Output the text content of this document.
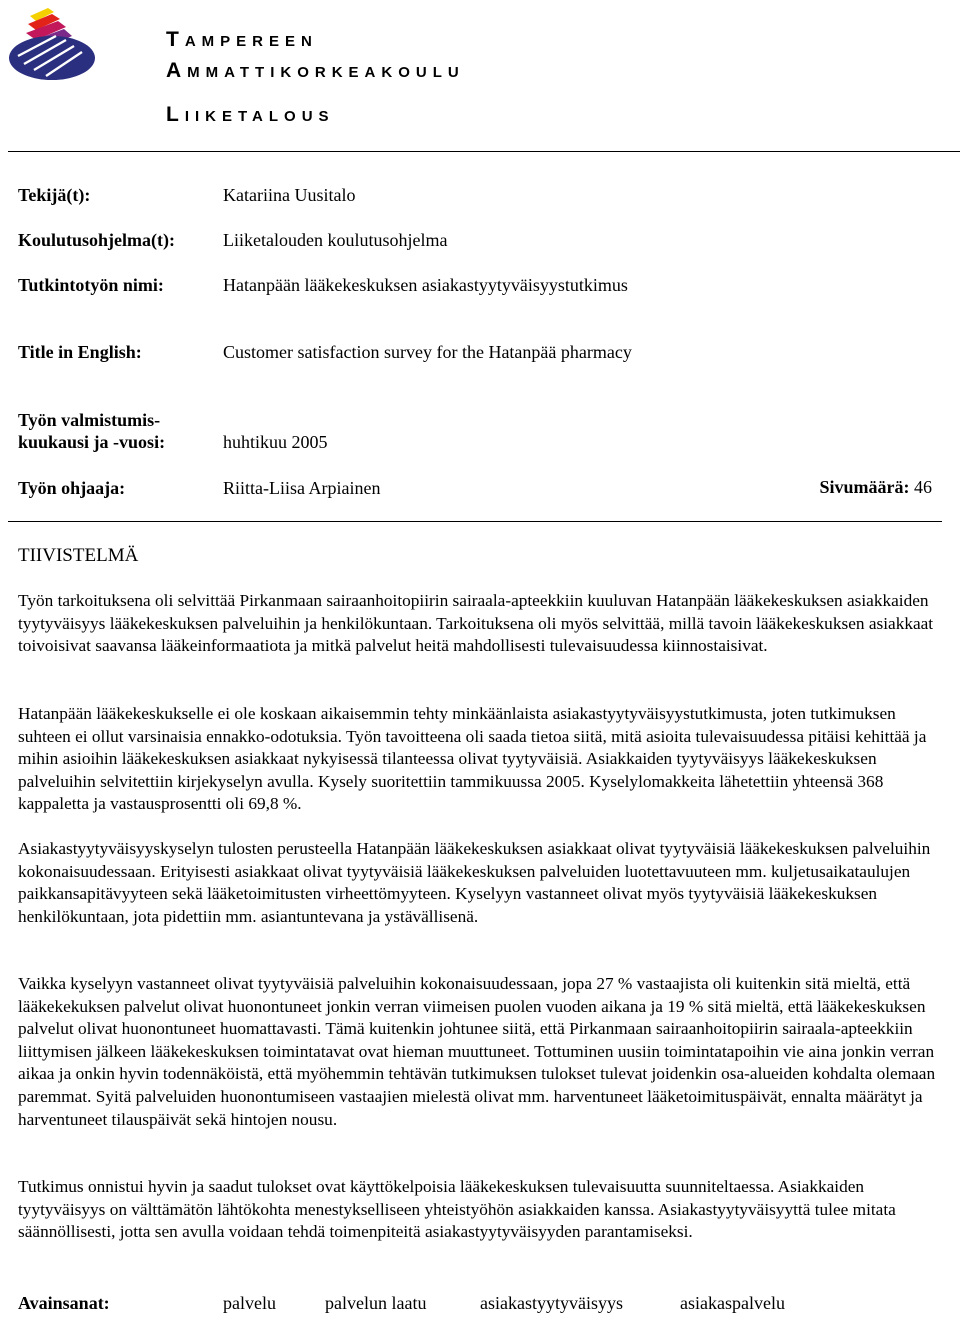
TAMPEREEN
AMMATTIKORKEAKOULU
LIIKETALOUS
Tekijä(t):	Katariina Uusitalo
Koulutusohjelma(t):	Liiketalouden koulutusohjelma
Tutkintotyön nimi:	Hatanpään lääkekeskuksen asiakastyytyväisyystutkimus
Title in English:	Customer satisfaction survey for the Hatanpää pharmacy
Työn valmistumis-
kuukausi ja -vuosi:	huhtikuu 2005
Työn ohjaaja:	Riitta-Liisa Arpiainen	Sivumäärä: 46
TIIVISTELMÄ

Työn tarkoituksena oli selvittää Pirkanmaan sairaanhoitopiirin sairaala-apteekkiin kuuluvan Hatanpään lääkekeskuksen asiakkaiden tyytyväisyys lääkekeskuksen palveluihin ja henkilökuntaan. Tarkoituksena oli myös selvittää, millä tavoin lääkekeskuksen asiakkaat toivoisivat saavansa lääkeinformaatiota ja mitkä palvelut heitä mahdollisesti tulevaisuudessa kiinnostaisivat.

Hatanpään lääkekeskukselle ei ole koskaan aikaisemmin tehty minkäänlaista asiakastyytyväisyystutkimusta, joten tutkimuksen suhteen ei ollut varsinaisia ennakko-odotuksia. Työn tavoitteena oli saada tietoa siitä, mitä asioita tulevaisuudessa pitäisi kehittää ja mihin asioihin lääkekeskuksen asiakkaat nykyisessä tilanteessa olivat tyytyväisiä. Asiakkaiden tyytyväisyys lääkekeskuksen palveluihin selvitettiin kirjekyselyn avulla. Kysely suoritettiin tammikuussa 2005. Kyselylomakkeita lähetettiin yhteensä 368 kappaletta ja vastausprosentti oli 69,8 %.

Asiakastyytyväisyyskyselyn tulosten perusteella Hatanpään lääkekeskuksen asiakkaat olivat tyytyväisiä lääkekeskuksen palveluihin kokonaisuudessaan. Erityisesti asiakkaat olivat tyytyväisiä lääkekeskuksen palveluiden luotettavuuteen mm. kuljetusaikataulujen paikkansapitävyyteen sekä lääketoimitusten virheettömyyteen. Kyselyyn vastanneet olivat myös tyytyväisiä lääkekeskuksen henkilökuntaan, jota pidettiin mm. asiantuntevana ja ystävällisenä.

Vaikka kyselyyn vastanneet olivat tyytyväisiä palveluihin kokonaisuudessaan, jopa 27 % vastaajista oli kuitenkin sitä mieltä, että lääkekekuksen palvelut olivat huonontuneet jonkin verran viimeisen puolen vuoden aikana ja 19 % sitä mieltä, että lääkekeskuksen palvelut olivat huonontuneet huomattavasti. Tämä kuitenkin johtunee siitä, että Pirkanmaan sairaanhoitopiirin sairaala-apteekkiin liittymisen jälkeen lääkekeskuksen toimintatavat ovat hieman muuttuneet. Tottuminen uusiin toimintatapoihin vie aina jonkin verran aikaa ja onkin hyvin todennäköistä, että myöhemmin tehtävän tutkimuksen tulokset tulevat joidenkin osa-alueiden kohdalta olemaan paremmat. Syitä palveluiden huonontumiseen vastaajien mielestä olivat mm. harventuneet lääketoimituspäivät, ennalta määrätyt ja harventuneet tilauspäivät sekä hintojen nousu.

Tutkimus onnistui hyvin ja saadut tulokset ovat käyttökelpoisia lääkekeskuksen tulevaisuutta suunniteltaessa. Asiakkaiden tyytyväisyys on välttämätön lähtökohta menestykselliseen yhteistyöhön asiakkaiden kanssa. Asiakastyytyväisyyttä tulee mitata säännöllisesti, jotta sen avulla voidaan tehdä toimenpiteitä asiakastyytyväisyyden parantamiseksi.

Avainsanat:	palvelu	palvelun laatu	asiakastyytyväisyys	asiakaspalvelu
